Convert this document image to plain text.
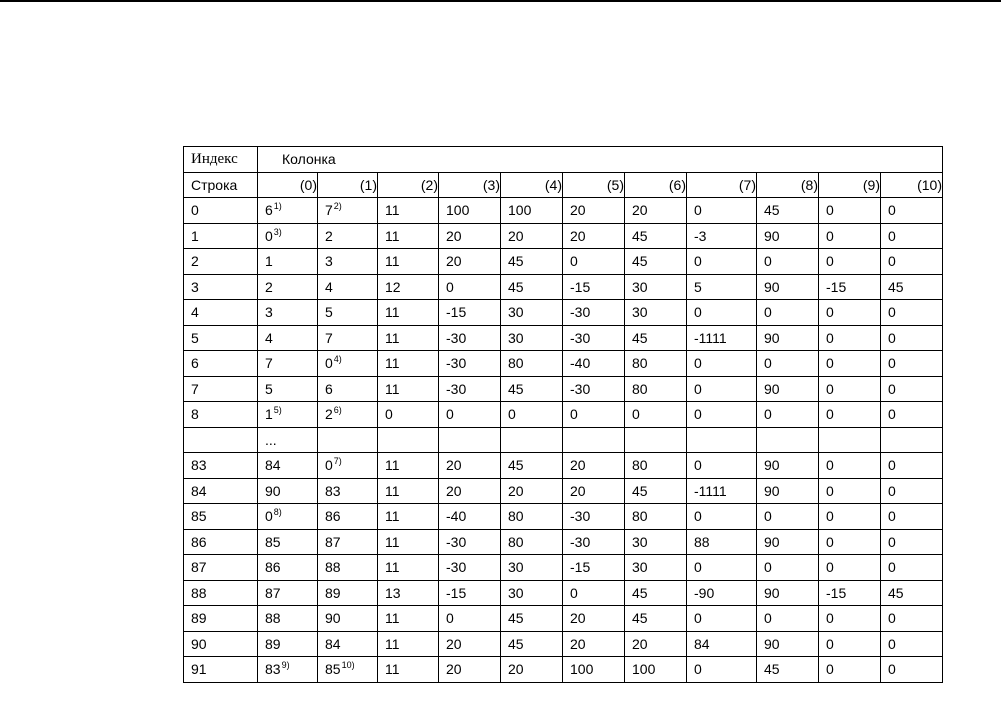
Индекс	Колонка										
Строка	(0)	(1)	(2)	(3)	(4)	(5)	(6)	(7)	(8)	(9)	(10)
0	6$^{1)}$	7$^{2)}$	11	100	100	20	20	0	45	0	0
1	0$^{3)}$	2	11	20	20	20	45	-3	90	0	0
2	1	3	11	20	45	0	45	0	0	0	0
3	2	4	12	0	45	-15	30	5	90	-15	45
4	3	5	11	-15	30	-30	30	0	0	0	0
5	4	7	11	-30	30	-30	45	-1111	90	0	0
6	7	0$^{4)}$	11	-30	80	-40	80	0	0	0	0
7	5	6	11	-30	45	-30	80	0	90	0	0
8	1$^{5)}$	2$^{6)}$	0	0	0	0	0	0	0	0	0
	...										
83	84	0$^{7)}$	11	20	45	20	80	0	90	0	0
84	90	83	11	20	20	20	45	-1111	90	0	0
85	0$^{8)}$	86	11	-40	80	-30	80	0	0	0	0
86	85	87	11	-30	80	-30	30	88	90	0	0
87	86	88	11	-30	30	-15	30	0	0	0	0
88	87	89	13	-15	30	0	45	-90	90	-15	45
89	88	90	11	0	45	20	45	0	0	0	0
90	89	84	11	20	45	20	20	84	90	0	0
91	83$^{9)}$	85$^{10)}$	11	20	20	100	100	0	45	0	0
